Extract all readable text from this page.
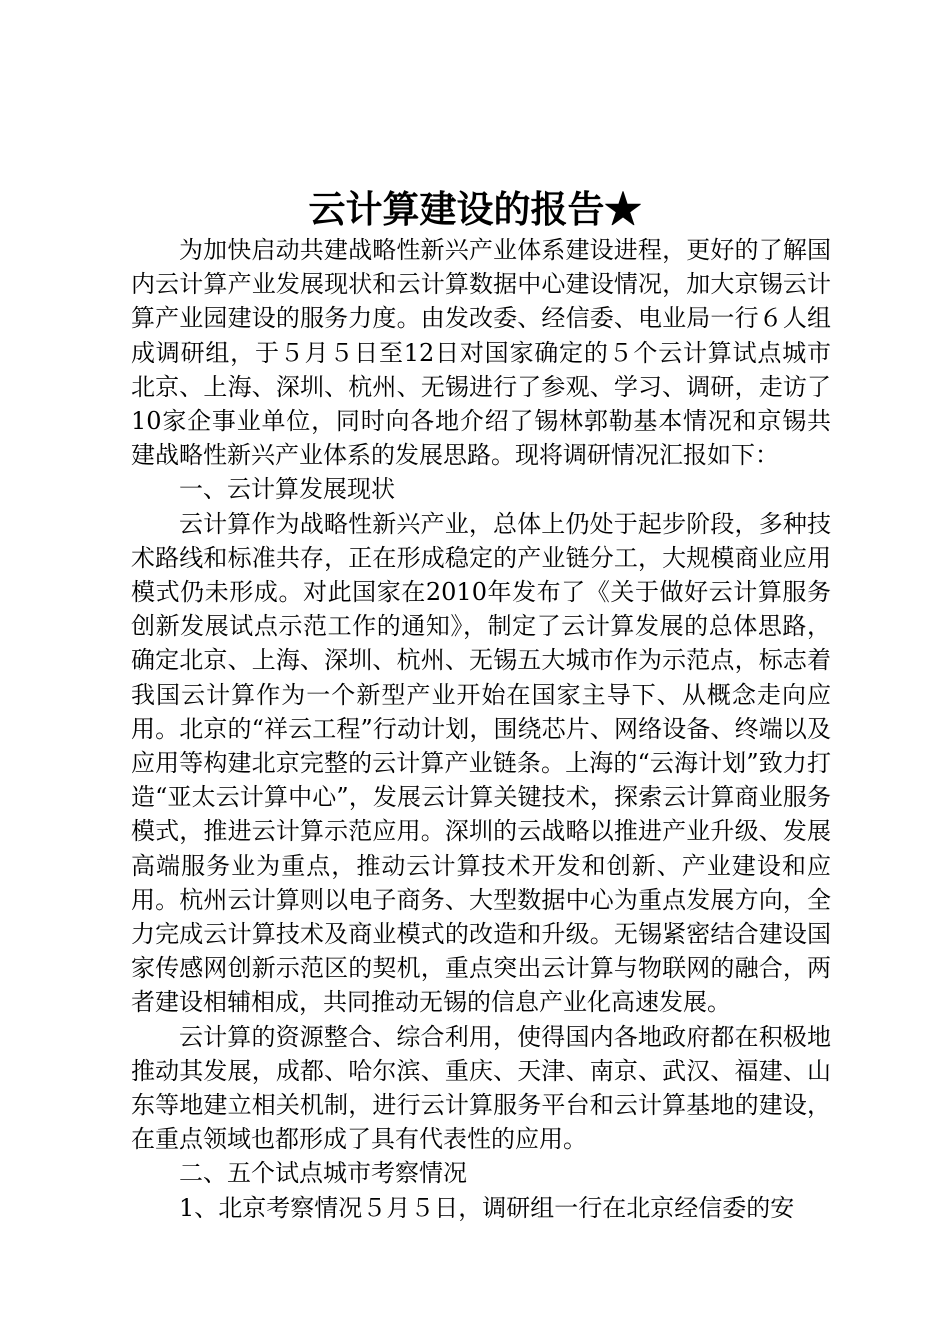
云计算建设的报告★

为加快启动共建战略性新兴产业体系建设进程，更好的了解国内云计算产业发展现状和云计算数据中心建设情况，加大京锡云计算产业园建设的服务力度。由发改委、经信委、电业局一行６人组成调研组，于５月５日至12日对国家确定的５个云计算试点城市北京、上海、深圳、杭州、无锡进行了参观、学习、调研，走访了10家企事业单位，同时向各地介绍了锡林郭勒基本情况和京锡共建战略性新兴产业体系的发展思路。现将调研情况汇报如下：

一、云计算发展现状

云计算作为战略性新兴产业，总体上仍处于起步阶段，多种技术路线和标准共存，正在形成稳定的产业链分工，大规模商业应用模式仍未形成。对此国家在2010年发布了《关于做好云计算服务创新发展试点示范工作的通知》，制定了云计算发展的总体思路，确定北京、上海、深圳、杭州、无锡五大城市作为示范点，标志着我国云计算作为一个新型产业开始在国家主导下、从概念走向应用。北京的“祥云工程”行动计划，围绕芯片、网络设备、终端以及应用等构建北京完整的云计算产业链条。上海的“云海计划”致力打造“亚太云计算中心”，发展云计算关键技术，探索云计算商业服务模式，推进云计算示范应用。深圳的云战略以推进产业升级、发展高端服务业为重点，推动云计算技术开发和创新、产业建设和应用。杭州云计算则以电子商务、大型数据中心为重点发展方向，全力完成云计算技术及商业模式的改造和升级。无锡紧密结合建设国家传感网创新示范区的契机，重点突出云计算与物联网的融合，两者建设相辅相成，共同推动无锡的信息产业化高速发展。

云计算的资源整合、综合利用，使得国内各地政府都在积极地推动其发展，成都、哈尔滨、重庆、天津、南京、武汉、福建、山东等地建立相关机制，进行云计算服务平台和云计算基地的建设，在重点领域也都形成了具有代表性的应用。

二、五个试点城市考察情况

1、北京考察情况５月５日，调研组一行在北京经信委的安
